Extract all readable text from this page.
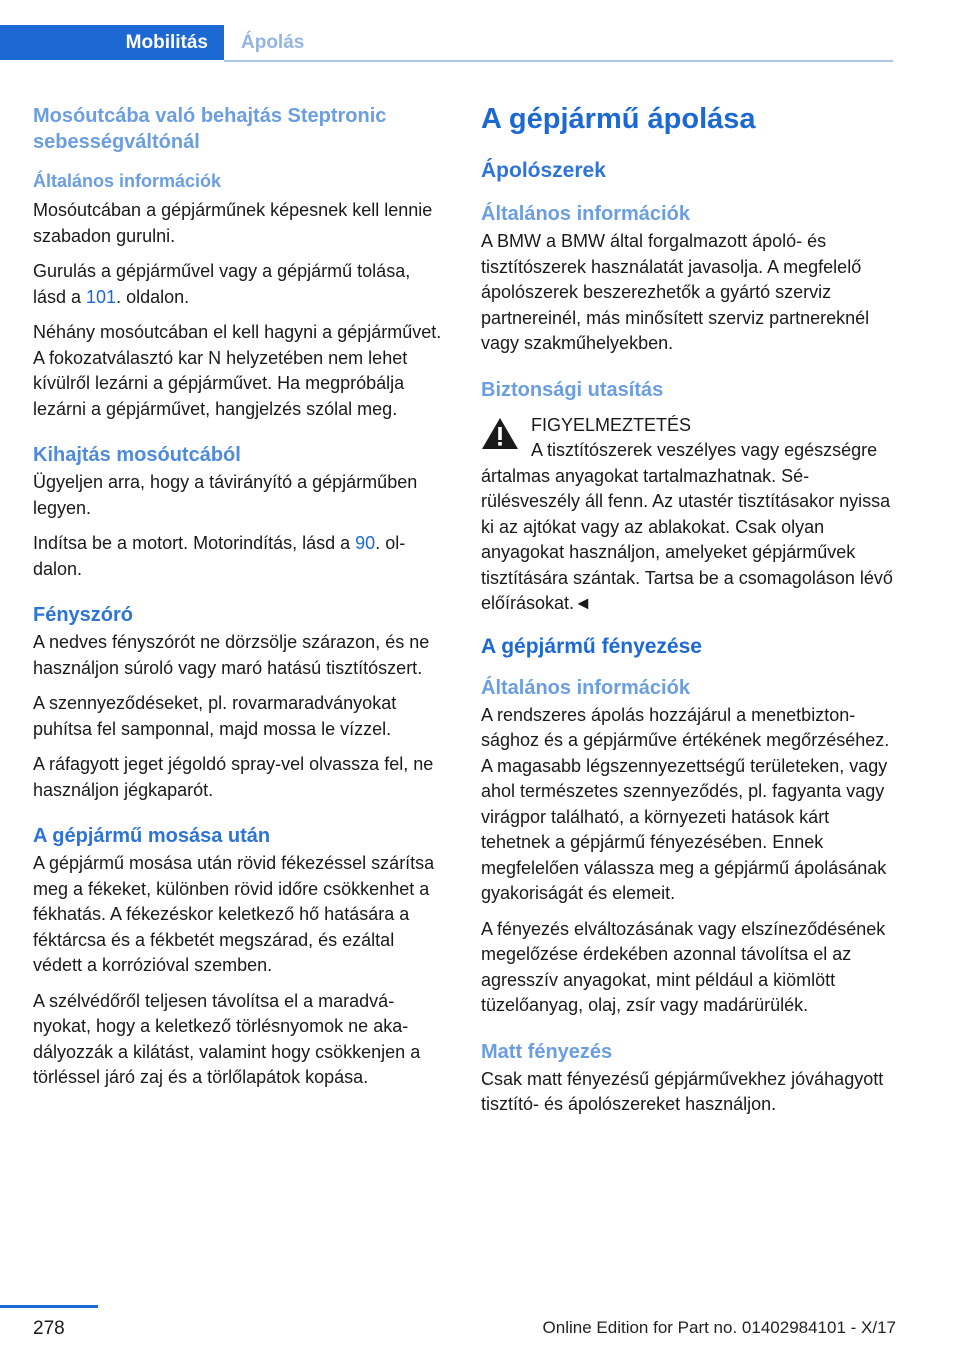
Mobilitás	Ápolás
Mosóutcába való behajtás Steptronic sebességváltónál
Általános információk

Mosóutcában a gépjárműnek képesnek kell lennie szabadon gurulni.

Gurulás a gépjárművel vagy a gépjármű tolása, lásd a 101. oldalon.

Néhány mosóutcában el kell hagyni a gépjárművet. A fokozatválasztó kar N helyzetében nem lehet kívülről lezárni a gépjárművet. Ha megpróbálja lezárni a gépjárművet, hangjelzés szólal meg.

Kihajtás mosóutcából

Ügyeljen arra, hogy a távirányító a gépjárműben legyen.

Indítsa be a motort. Motorindítás, lásd a 90. oldalon.

Fényszóró

A nedves fényszórót ne dörzsölje szárazon, és ne használjon súroló vagy maró hatású tisztítószert.

A szennyeződéseket, pl. rovarmaradványokat puhítsa fel samponnal, majd mossa le vízzel.

A ráfagyott jeget jégoldó spray-vel olvassza fel, ne használjon jégkaparót.

A gépjármű mosása után

A gépjármű mosása után rövid fékezéssel szárítsa meg a fékeket, különben rövid időre csökkenhet a fékhatás. A fékezéskor keletkező hő hatására a féktárcsa és a fékbetét megszárad, és ezáltal védett a korrózióval szemben.

A szélvédőről teljesen távolítsa el a maradványokat, hogy a keletkező törlésnyomok ne akadályozzák a kilátást, valamint hogy csökkenjen a törléssel járó zaj és a törlőlapátok kopása.

A gépjármű ápolása
Ápolószerek
Általános információk

A BMW a BMW által forgalmazott ápoló- és tisztítószerek használatát javasolja. A megfelelő ápolószerek beszerezhetők a gyártó szerviz partnereinél, más minősített szerviz partnereknél vagy szakműhelyekben.

Biztonsági utasítás
FIGYELMEZTETÉS

A tisztítószerek veszélyes vagy egészségre ártalmas anyagokat tartalmazhatnak. Sérülésveszély áll fenn. Az utastér tisztításakor nyissa ki az ajtókat vagy az ablakokat. Csak olyan anyagokat használjon, amelyeket gépjárművek tisztítására szántak. Tartsa be a csomagoláson lévő előírásokat.◄

A gépjármű fényezése
Általános információk

A rendszeres ápolás hozzájárul a menetbiztonsághoz és a gépjárműve értékének megőrzéséhez. A magasabb légszennyezettségű területeken, vagy ahol természetes szennyeződés, pl. fagyanta vagy virágpor található, a környezeti hatások kárt tehetnek a gépjármű fényezésében. Ennek megfelelően válassza meg a gépjármű ápolásának gyakoriságát és elemeit.

A fényezés elváltozásának vagy elszíneződésének megelőzése érdekében azonnal távolítsa el az agresszív anyagokat, mint például a kiömlött tüzelőanyag, olaj, zsír vagy madárürülék.

Matt fényezés

Csak matt fényezésű gépjárművekhez jóváhagyott tisztító- és ápolószereket használjon.

278	Online Edition for Part no. 01402984101 - X/17
